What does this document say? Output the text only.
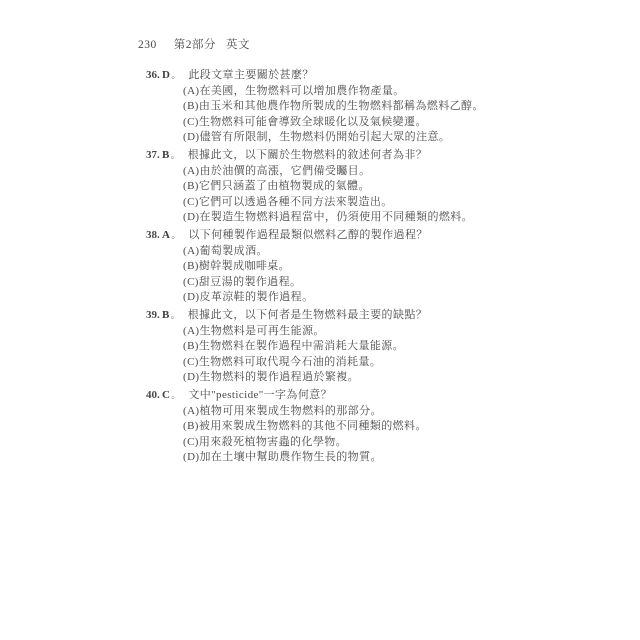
230 第2部分 英文
36. D 。 此段文章主要關於甚麼？
(A)在美國，生物燃料可以增加農作物產量。
(B)由玉米和其他農作物所製成的生物燃料都稱為燃料乙醇。
(C)生物燃料可能會導致全球暖化以及氣候變遷。
(D)儘管有所限制，生物燃料仍開始引起大眾的注意。
37. B 。 根據此文，以下關於生物燃料的敘述何者為非？
(A)由於油價的高漲，它們備受矚目。
(B)它們只涵蓋了由植物製成的氣體。
(C)它們可以透過各種不同方法來製造出。
(D)在製造生物燃料過程當中，仍須使用不同種類的燃料。
38. A 。 以下何種製作過程最類似燃料乙醇的製作過程？
(A)葡萄製成酒。
(B)樹幹製成咖啡桌。
(C)甜豆湯的製作過程。
(D)皮革涼鞋的製作過程。
39. B 。 根據此文，以下何者是生物燃料最主要的缺點？
(A)生物燃料是可再生能源。
(B)生物燃料在製作過程中需消耗大量能源。
(C)生物燃料可取代現今石油的消耗量。
(D)生物燃料的製作過程過於繁複。
40. C 。 文中"pesticide"一字為何意？
(A)植物可用來製成生物燃料的那部分。
(B)被用來製成生物燃料的其他不同種類的燃料。
(C)用來殺死植物害蟲的化學物。
(D)加在土壤中幫助農作物生長的物質。
